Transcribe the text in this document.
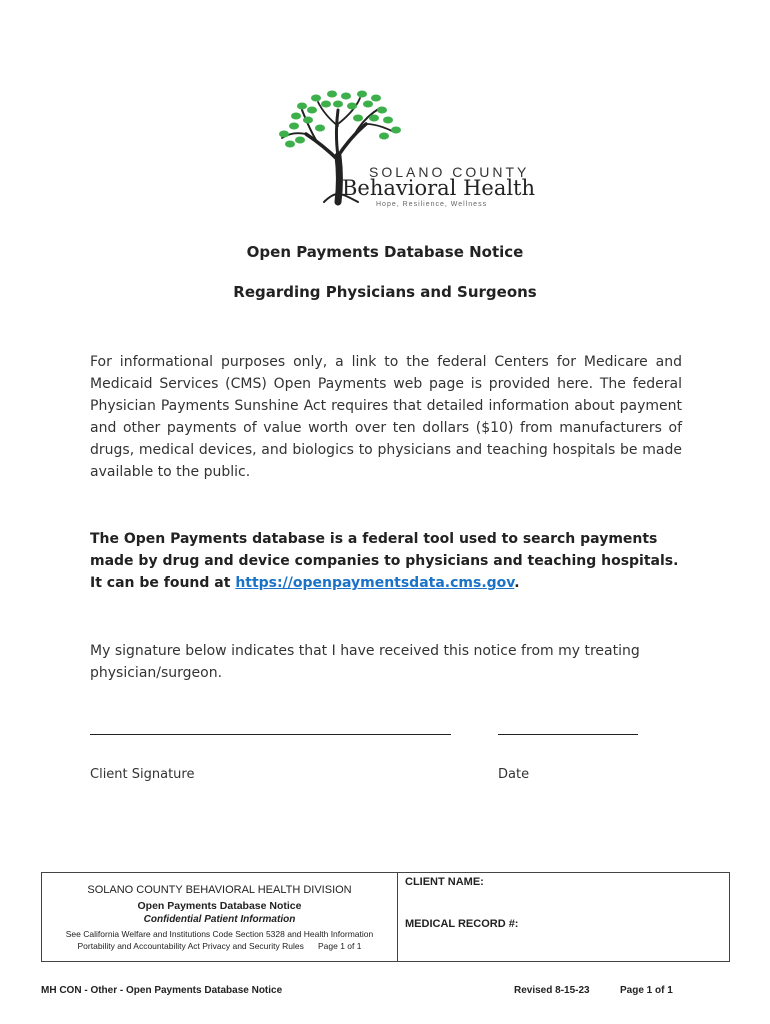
SOLANO COUNTY
Behavioral Health
Hope, Resilience, Wellness
Open Payments Database Notice
Regarding Physicians and Surgeons
For informational purposes only, a link to the federal Centers for Medicare and Medicaid Services (CMS) Open Payments web page is provided here. The federal Physician Payments Sunshine Act requires that detailed information about payment and other payments of value worth over ten dollars ($10) from manufacturers of drugs, medical devices, and biologics to physicians and teaching hospitals be made available to the public.
The Open Payments database is a federal tool used to search payments made by drug and device companies to physicians and teaching hospitals. It can be found at https://openpaymentsdata.cms.gov.
My signature below indicates that I have received this notice from my treating physician/surgeon.
Client Signature	Date
SOLANO COUNTY BEHAVIORAL HEALTH DIVISION
Open Payments Database Notice
Confidential Patient Information
See California Welfare and Institutions Code Section 5328 and Health Information
Portability and Accountability Act Privacy and Security Rules      Page 1 of 1
CLIENT NAME:
MEDICAL RECORD #:
MH CON - Other - Open Payments Database Notice	Revised 8-15-23	Page 1 of 1
